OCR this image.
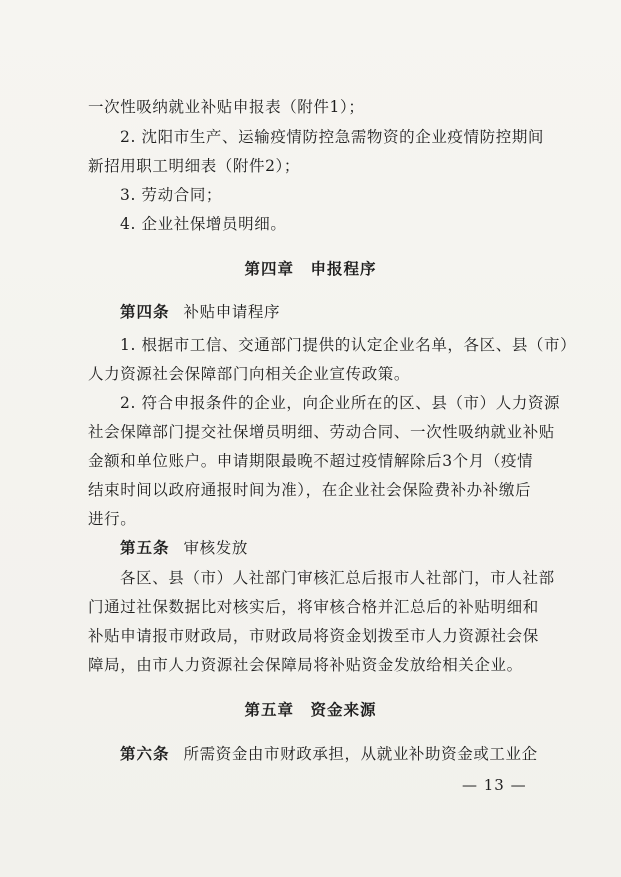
一次性吸纳就业补贴申报表（附件1）；
2. 沈阳市生产、运输疫情防控急需物资的企业疫情防控期间
新招用职工明细表（附件2）；
3. 劳动合同；
4. 企业社保增员明细。
第四章　申报程序
第四条 补贴申请程序
1. 根据市工信、交通部门提供的认定企业名单，各区、县（市）
人力资源社会保障部门向相关企业宣传政策。
2. 符合申报条件的企业，向企业所在的区、县（市）人力资源
社会保障部门提交社保增员明细、劳动合同、一次性吸纳就业补贴
金额和单位账户。申请期限最晚不超过疫情解除后3个月（疫情
结束时间以政府通报时间为准），在企业社会保险费补办补缴后
进行。
第五条 审核发放
各区、县（市）人社部门审核汇总后报市人社部门，市人社部
门通过社保数据比对核实后，将审核合格并汇总后的补贴明细和
补贴申请报市财政局，市财政局将资金划拨至市人力资源社会保
障局，由市人力资源社会保障局将补贴资金发放给相关企业。
第五章　资金来源
第六条 所需资金由市财政承担，从就业补助资金或工业企
— 13 —
